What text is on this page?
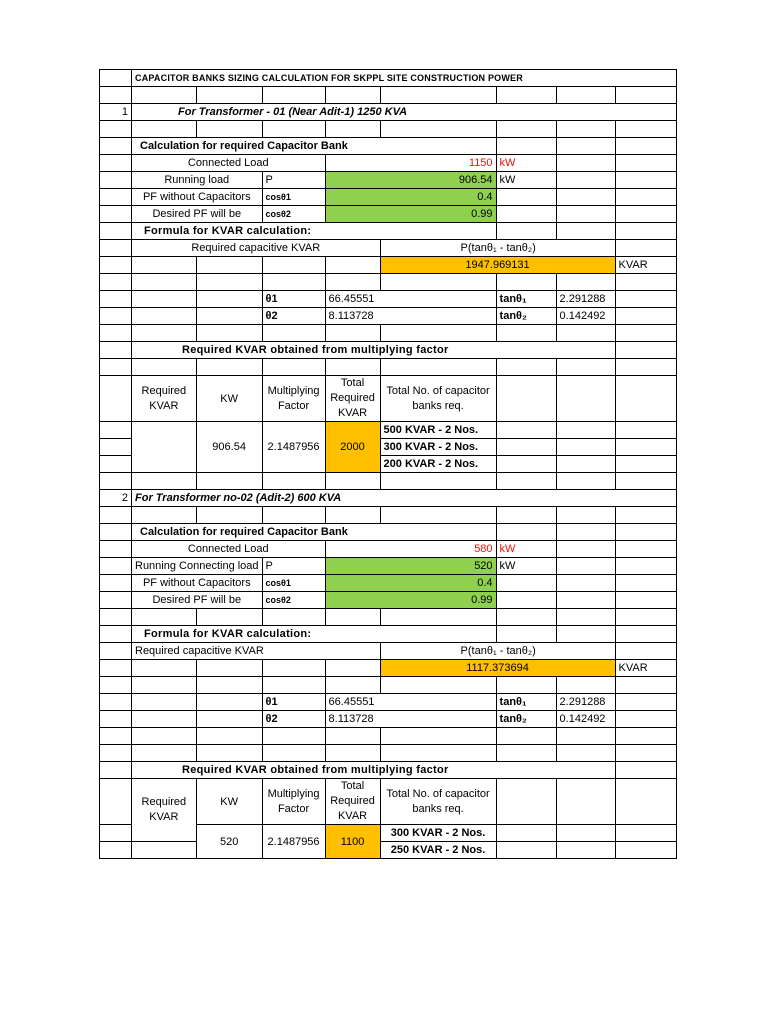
	CAPACITOR BANKS SIZING CALCULATION FOR SKPPL SITE CONSTRUCTION POWER							

1	For Transformer - 01 (Near Adit-1) 1250 KVA							

	Calculation for required Capacitor Bank							
	Connected Load			1150		kW		
	Running load		P	906.54		kW		
	PF without Capacitors		cosθ1	0.4				
	Desired PF will be		cosθ2	0.99				
	Formula for KVAR calculation:							
	Required capacitive KVAR				P(tanθ₁ - tanθ₂)			
					1947.969131			KVAR

			θ1	66.45551		tanθ₁	2.291288	
			θ2	8.113728		tanθ₂	0.142492	

	Required KVAR obtained from multiplying factor							

	Required KVAR	KW	Multiplying Factor	Total Required KVAR	Total No. of capacitor banks req.			
		906.54	2.1487956	2000	500 KVAR - 2 Nos.			
					300 KVAR - 2 Nos.			
					200 KVAR - 2 Nos.			

2	For Transformer no-02 (Adit-2) 600 KVA							

	Calculation for required Capacitor Bank							
	Connected Load			580		kW		
	Running Connecting load		P	520		kW		
	PF without Capacitors		cosθ1	0.4				
	Desired PF will be		cosθ2	0.99				

	Formula for KVAR calculation:							
	Required capacitive KVAR				P(tanθ₁ - tanθ₂)			
					1117.373694			KVAR

			θ1	66.45551		tanθ₁	2.291288	
			θ2	8.113728		tanθ₂	0.142492	

	Required KVAR obtained from multiplying factor							
	Required KVAR	KW	Multiplying Factor	Total Required KVAR	Total No. of capacitor banks req.			
		520	2.1487956	1100	300 KVAR - 2 Nos.			
					250 KVAR - 2 Nos.			
